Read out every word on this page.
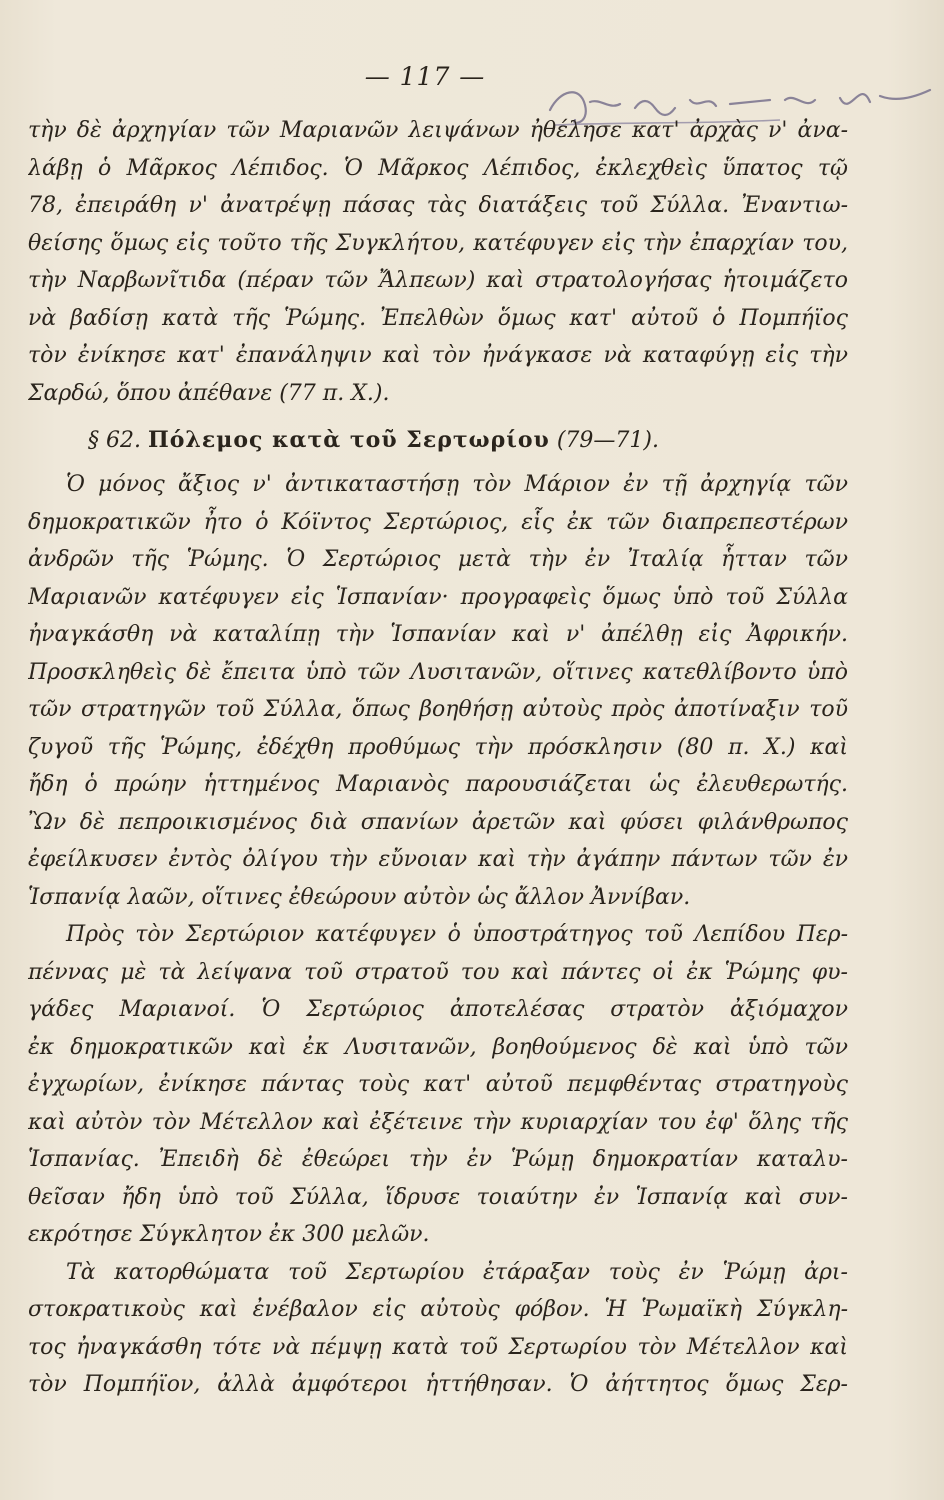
— 117 —
τὴν δὲ ἀρχηγίαν τῶν Μαριανῶν λειψάνων ἠθέλησε κατ' ἀρχὰς ν' ἀνα-
λάβῃ ὁ Μᾶρκος Λέπιδος. Ὁ Μᾶρκος Λέπιδος, ἐκλεχθεὶς ὕπατος τῷ
78, ἐπειράθη ν' ἀνατρέψῃ πάσας τὰς διατάξεις τοῦ Σύλλα. Ἐναντιω-
θείσης ὅμως εἰς τοῦτο τῆς Συγκλήτου, κατέφυγεν εἰς τὴν ἐπαρχίαν του,
τὴν Ναρβωνῖτιδα (πέραν τῶν Ἄλπεων) καὶ στρατολογήσας ἡτοιμάζετο
νὰ βαδίσῃ κατὰ τῆς Ῥώμης. Ἐπελθὼν ὅμως κατ' αὐτοῦ ὁ Πομπήϊος
τὸν ἐνίκησε κατ' ἐπανάληψιν καὶ τὸν ἠνάγκασε νὰ καταφύγῃ εἰς τὴν
Σαρδώ, ὅπου ἀπέθανε (77 π. Χ.).
§ 62. Πόλεμος κατὰ τοῦ Σερτωρίου (79—71).
Ὁ μόνος ἄξιος ν' ἀντικαταστήσῃ τὸν Μάριον ἐν τῇ ἀρχηγίᾳ τῶν
δημοκρατικῶν ἦτο ὁ Κόϊντος Σερτώριος, εἷς ἐκ τῶν διαπρεπεστέρων
ἀνδρῶν τῆς Ῥώμης. Ὁ Σερτώριος μετὰ τὴν ἐν Ἰταλίᾳ ἧτταν τῶν
Μαριανῶν κατέφυγεν εἰς Ἱσπανίαν· προγραφεὶς ὅμως ὑπὸ τοῦ Σύλλα
ἠναγκάσθη νὰ καταλίπῃ τὴν Ἱσπανίαν καὶ ν' ἀπέλθῃ εἰς Ἀφρικήν.
Προσκληθεὶς δὲ ἔπειτα ὑπὸ τῶν Λυσιτανῶν, οἵτινες κατεθλίβοντο ὑπὸ
τῶν στρατηγῶν τοῦ Σύλλα, ὅπως βοηθήσῃ αὐτοὺς πρὸς ἀποτίναξιν τοῦ
ζυγοῦ τῆς Ῥώμης, ἐδέχθη προθύμως τὴν πρόσκλησιν (80 π. Χ.) καὶ
ἤδη ὁ πρώην ἡττημένος Μαριανὸς παρουσιάζεται ὡς ἐλευθερωτής.
Ὢν δὲ πεπροικισμένος διὰ σπανίων ἀρετῶν καὶ φύσει φιλάνθρωπος
ἐφείλκυσεν ἐντὸς ὀλίγου τὴν εὔνοιαν καὶ τὴν ἀγάπην πάντων τῶν ἐν
Ἱσπανίᾳ λαῶν, οἵτινες ἐθεώρουν αὐτὸν ὡς ἄλλον Ἀννίβαν.
Πρὸς τὸν Σερτώριον κατέφυγεν ὁ ὑποστράτηγος τοῦ Λεπίδου Περ-
πέννας μὲ τὰ λείψανα τοῦ στρατοῦ του καὶ πάντες οἱ ἐκ Ῥώμης φυ-
γάδες Μαριανοί. Ὁ Σερτώριος ἀποτελέσας στρατὸν ἀξιόμαχον
ἐκ δημοκρατικῶν καὶ ἐκ Λυσιτανῶν, βοηθούμενος δὲ καὶ ὑπὸ τῶν
ἐγχωρίων, ἐνίκησε πάντας τοὺς κατ' αὐτοῦ πεμφθέντας στρατηγοὺς
καὶ αὐτὸν τὸν Μέτελλον καὶ ἐξέτεινε τὴν κυριαρχίαν του ἐφ' ὅλης τῆς
Ἱσπανίας. Ἐπειδὴ δὲ ἐθεώρει τὴν ἐν Ῥώμῃ δημοκρατίαν καταλυ-
θεῖσαν ἤδη ὑπὸ τοῦ Σύλλα, ἵδρυσε τοιαύτην ἐν Ἱσπανίᾳ καὶ συν-
εκρότησε Σύγκλητον ἐκ 300 μελῶν.
Τὰ κατορθώματα τοῦ Σερτωρίου ἐτάραξαν τοὺς ἐν Ῥώμῃ ἀρι-
στοκρατικοὺς καὶ ἐνέβαλον εἰς αὐτοὺς φόβον. Ἡ Ῥωμαϊκὴ Σύγκλη-
τος ἠναγκάσθη τότε νὰ πέμψῃ κατὰ τοῦ Σερτωρίου τὸν Μέτελλον καὶ
τὸν Πομπήϊον, ἀλλὰ ἀμφότεροι ἡττήθησαν. Ὁ ἀήττητος ὅμως Σερ-
